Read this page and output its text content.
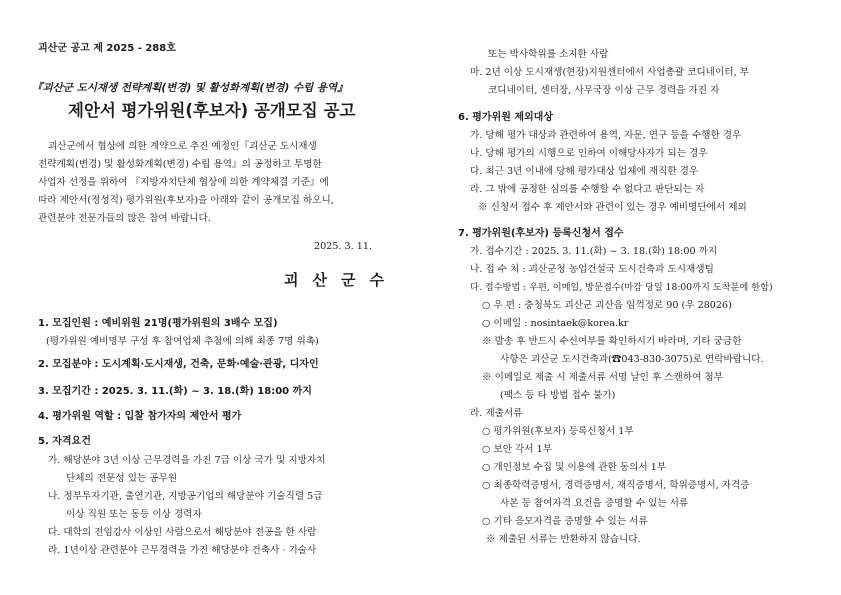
괴산군 공고 제 2025 - 288호
『괴산군 도시재생 전략계획(변경) 및 활성화계획(변경) 수립 용역』
제안서 평가위원(후보자) 공개모집 공고
괴산군에서 협상에 의한 계약으로 추진 예정인『괴산군 도시재생
전략계획(변경) 및 활성화계획(변경) 수립 용역』의 공정하고 투명한
사업자 선정을 위하여 『지방자치단체 협상에 의한 계약체결 기준』에
따라 제안서(정성적) 평가위원(후보자)을 아래와 같이 공개모집 하오니,
관련분야 전문가들의 많은 참여 바랍니다.
2025. 3. 11.
괴산군수
1. 모집인원 : 예비위원 21명(평가위원의 3배수 모집)
(평가위원 예비명부 구성 후 참여업체 추첨에 의해 최종 7명 위촉)
2. 모집분야 : 도시계획·도시재생, 건축, 문화·예술·관광, 디자인
3. 모집기간 : 2025. 3. 11.(화) ~ 3. 18.(화) 18:00 까지
4. 평가위원 역할 : 입찰 참가자의 제안서 평가
5. 자격요건
가. 해당분야 3년 이상 근무경력을 가진 7급 이상 국가 및 지방자치
단체의 전문성 있는 공무원
나. 정부투자기관, 출연기관, 지방공기업의 해당분야 기술직렬 5급
이상 직원 또는 동등 이상 경력자
다. 대학의 전임강사 이상인 사람으로서 해당분야 전공을 한 사람
라. 1년이상 관련분야 근무경력을 가진 해당분야 건축사 · 기술사
또는 박사학위를 소지한 사람
마. 2년 이상 도시재생(현장)지원센터에서 사업총괄 코디네이터, 부
코디네이터, 센터장, 사무국장 이상 근무 경력을 가진 자
6. 평가위원 제외대상
가. 당해 평가 대상과 관련하여 용역, 자문, 연구 등을 수행한 경우
나. 당해 평가의 시행으로 인하여 이해당사자가 되는 경우
다. 최근 3년 이내에 당해 평가대상 업체에 재직한 경우
라. 그 밖에 공정한 심의를 수행할 수 없다고 판단되는 자
※ 신청서 접수 후 제안서와 관련이 있는 경우 예비명단에서 제외
7. 평가위원(후보자) 등록신청서 접수
가. 접수기간 : 2025. 3. 11.(화) ~ 3. 18.(화) 18:00 까지
나. 접 수 처 : 괴산군청 농업건설국 도시건축과 도시재생팀
다. 접수방법 : 우편, 이메일, 방문접수(마감 당일 18:00까지 도착분에 한함)
○ 우 편 : 충청북도 괴산군 괴산읍 임꺽정로 90 (우 28026)
○ 이메일 : nosintaek@korea.kr
※ 발송 후 반드시 수신여부를 확인하시기 바라며, 기타 궁금한
사항은 괴산군 도시건축과(☎043-830-3075)로 연락바랍니다.
※ 이메일로 제출 시 제출서류 서명 날인 후 스캔하여 첨부
(팩스 등 타 방법 접수 불가)
라. 제출서류
○ 평가위원(후보자) 등록신청서 1부
○ 보안 각서 1부
○ 개인정보 수집 및 이용에 관한 동의서 1부
○ 최종학력증명서, 경력증명서, 재직증명서, 학위증명서, 자격증
사본 등 참여자격 요건을 증명할 수 있는 서류
○ 기타 응모자격을 증명할 수 있는 서류
※ 제출된 서류는 반환하지 않습니다.
